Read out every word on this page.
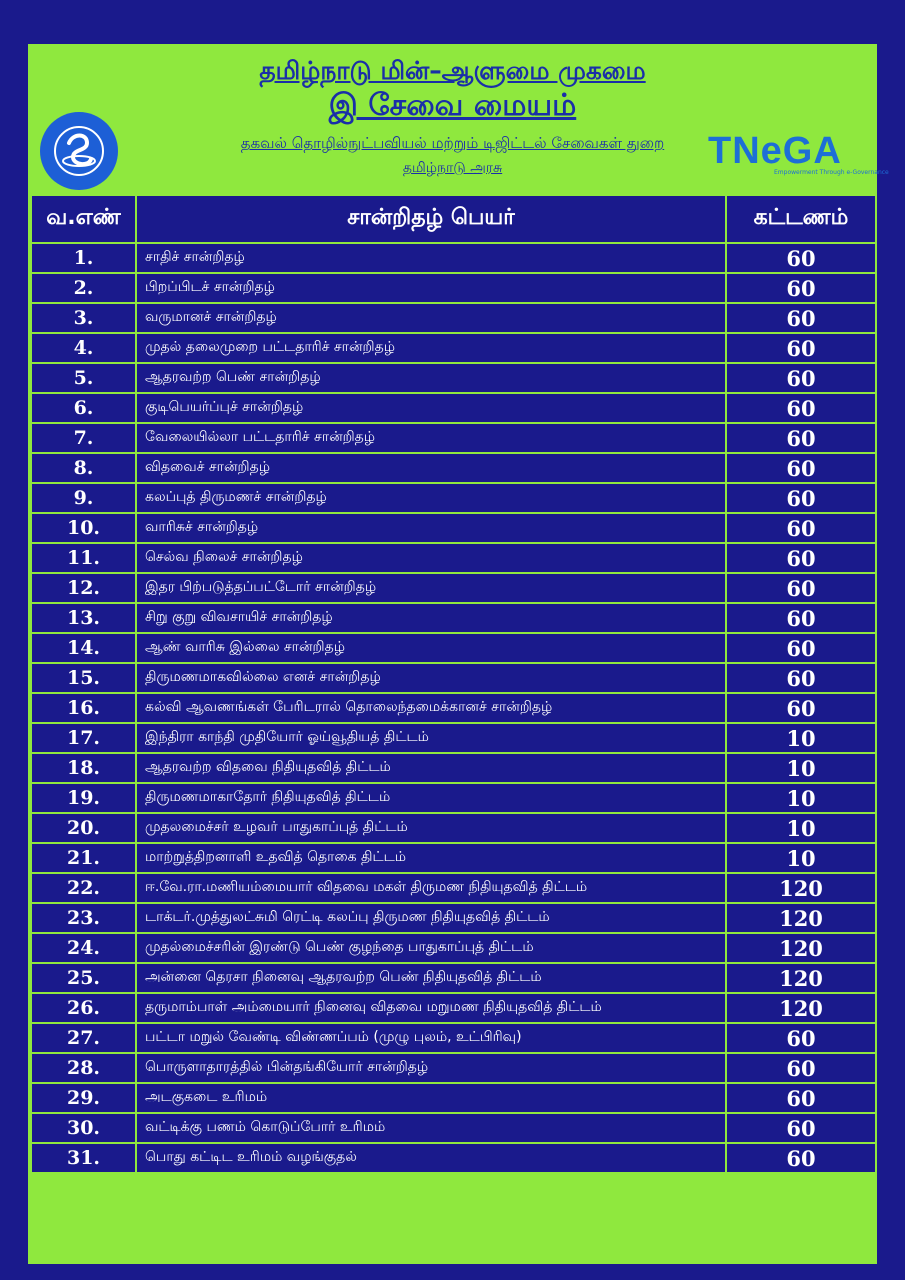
தமிழ்நாடு மின்–ஆளுமை முகமை
இ சேவை மையம்
தகவல் தொழில்நுட்பவியல் மற்றும் டிஜிட்டல் சேவைகள் துறை
தமிழ்நாடு அரசு	TNeGA
Empowerment Through e-Governance
வ.எண்	சான்றிதழ் பெயர்	கட்டணம்
1.	சாதிச் சான்றிதழ்	60
2.	பிறப்பிடச் சான்றிதழ்	60
3.	வருமானச் சான்றிதழ்	60
4.	முதல் தலைமுறை பட்டதாரிச் சான்றிதழ்	60
5.	ஆதரவற்ற பெண் சான்றிதழ்	60
6.	குடிபெயர்ப்புச் சான்றிதழ்	60
7.	வேலையில்லா பட்டதாரிச் சான்றிதழ்	60
8.	விதவைச் சான்றிதழ்	60
9.	கலப்புத் திருமணச் சான்றிதழ்	60
10.	வாரிசுச் சான்றிதழ்	60
11.	செல்வ நிலைச் சான்றிதழ்	60
12.	இதர பிற்படுத்தப்பட்டோர் சான்றிதழ்	60
13.	சிறு குறு விவசாயிச் சான்றிதழ்	60
14.	ஆண் வாரிசு இல்லை சான்றிதழ்	60
15.	திருமணமாகவில்லை எனச் சான்றிதழ்	60
16.	கல்வி ஆவணங்கள் பேரிடரால் தொலைந்தமைக்கானச் சான்றிதழ்	60
17.	இந்திரா காந்தி முதியோர் ஓய்வூதியத் திட்டம்	10
18.	ஆதரவற்ற விதவை நிதியுதவித் திட்டம்	10
19.	திருமணமாகாதோர் நிதியுதவித் திட்டம்	10
20.	முதலமைச்சர் உழவர் பாதுகாப்புத் திட்டம்	10
21.	மாற்றுத்திறனாளி உதவித் தொகை திட்டம்	10
22.	ஈ.வே.ரா.மணியம்மையார் விதவை மகள் திருமண நிதியுதவித் திட்டம்	120
23.	டாக்டர்.முத்துலட்சுமி ரெட்டி கலப்பு திருமண நிதியுதவித் திட்டம்	120
24.	முதல்மைச்சரின் இரண்டு பெண் குழந்தை பாதுகாப்புத் திட்டம்	120
25.	அன்னை தெரசா நினைவு ஆதரவற்ற பெண் நிதியுதவித் திட்டம்	120
26.	தருமாம்பாள் அம்மையார் நினைவு விதவை மறுமண நிதியுதவித் திட்டம்	120
27.	பட்டா மறுல் வேண்டி விண்ணப்பம் (முழு புலம், உட்பிரிவு)	60
28.	பொருளாதாரத்தில் பின்தங்கியோர் சான்றிதழ்	60
29.	அடகுகடை உரிமம்	60
30.	வட்டிக்கு பணம் கொடுப்போர் உரிமம்	60
31.	பொது கட்டிட உரிமம் வழங்குதல்	60
